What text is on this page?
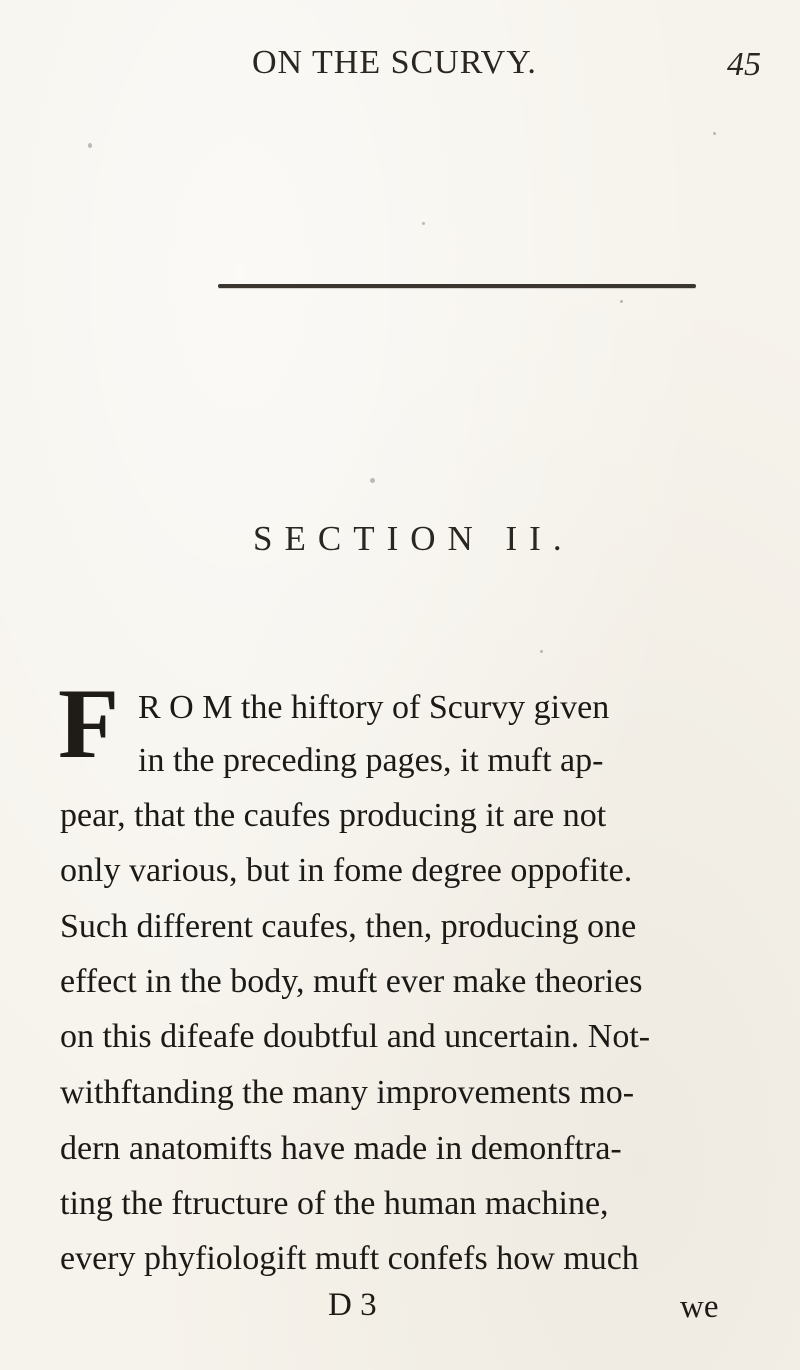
ON THE SCURVY.	45
SECTION II.
F R O M the hiftory of Scurvy given
in the preceding pages, it muft ap-
pear, that the caufes producing it are not
only various, but in fome degree oppofite.
Such different caufes, then, producing one
effect in the body, muft ever make theories
on this difeafe doubtful and uncertain. Not-
withftanding the many improvements mo-
dern anatomifts have made in demonftra-
ting the ftructure of the human machine,
every phyfiologift muft confefs how much
D 3	we
